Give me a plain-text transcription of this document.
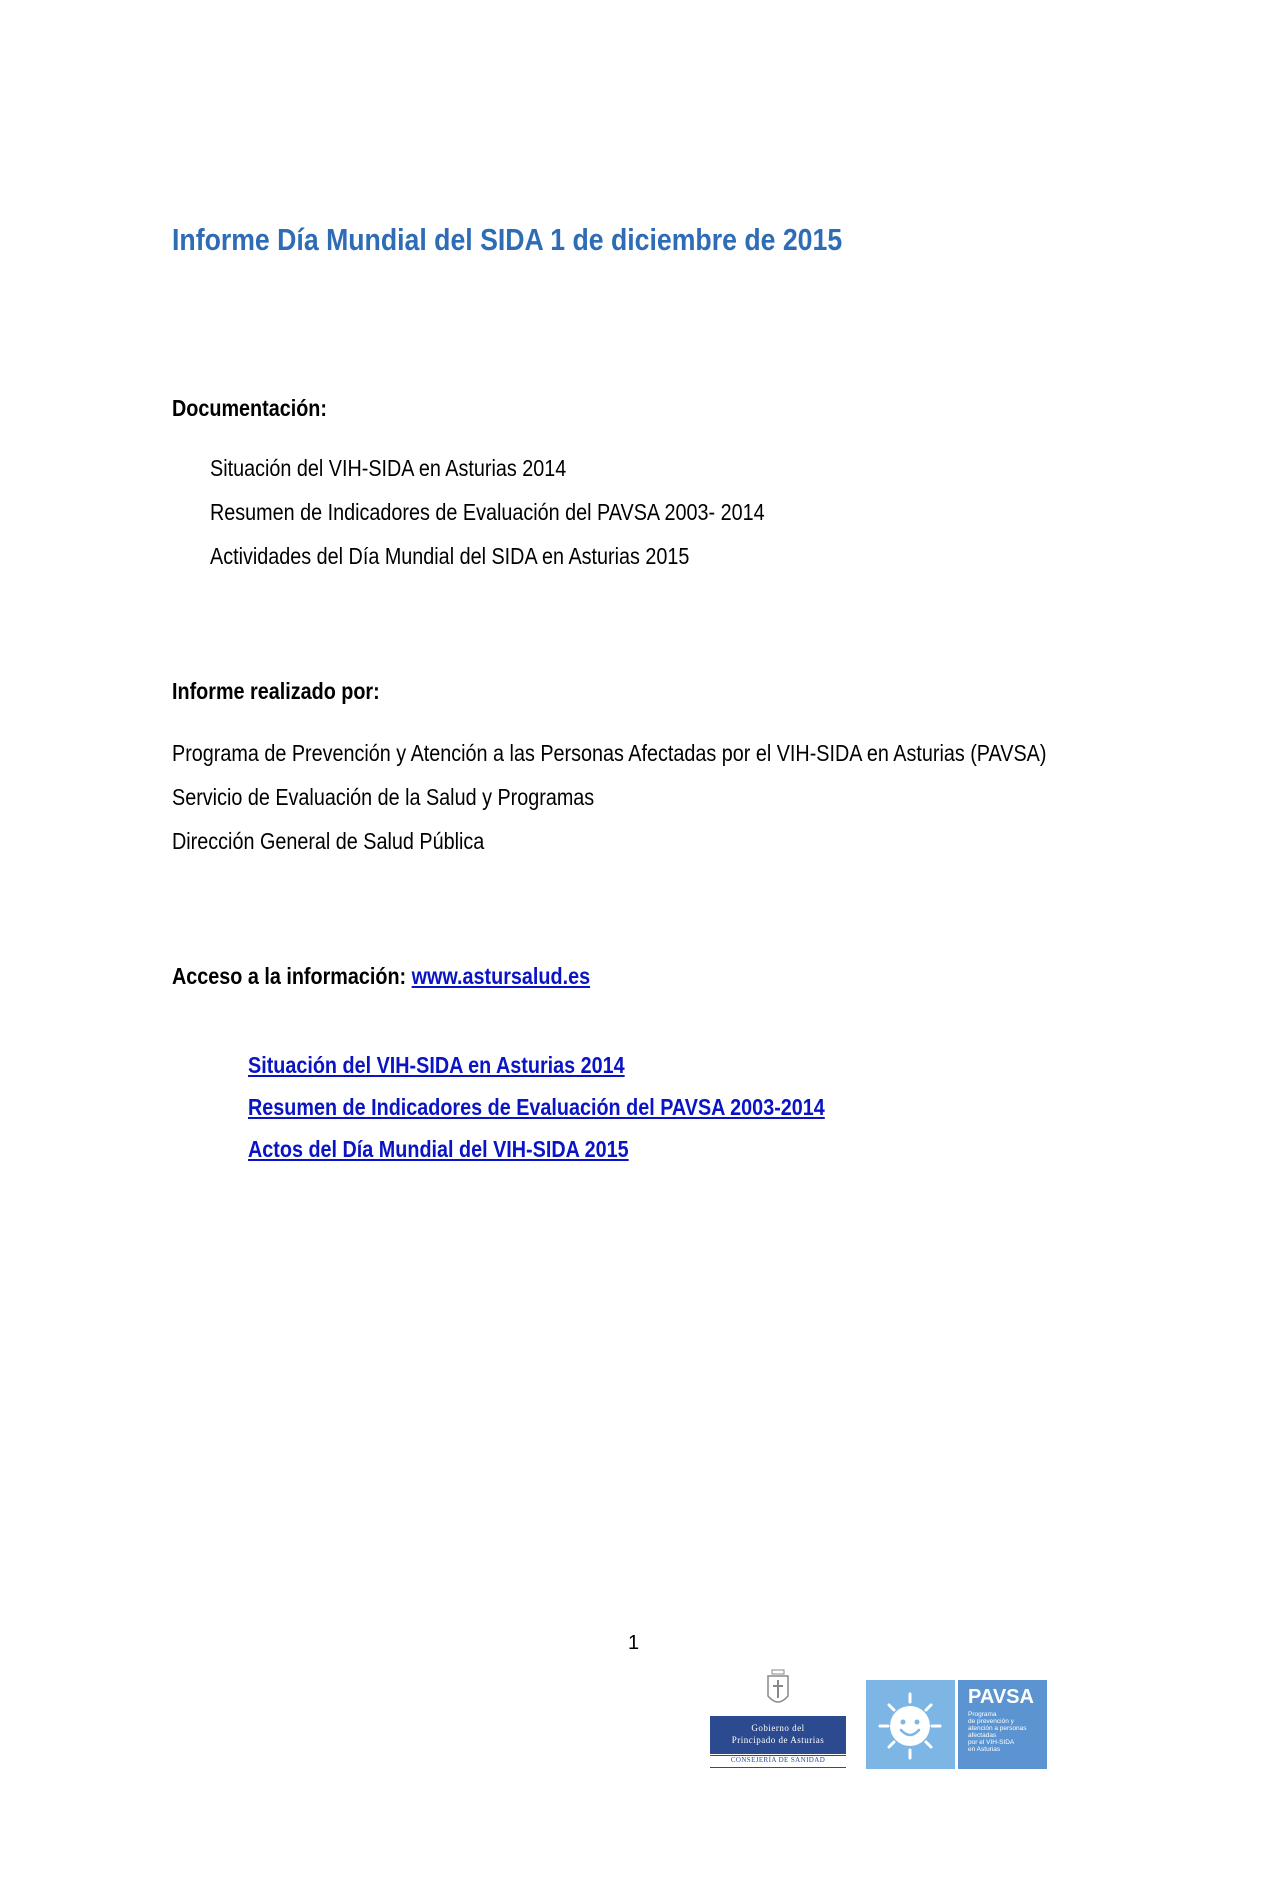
Informe Día Mundial del SIDA 1 de diciembre de 2015
Documentación:
Situación del VIH-SIDA en Asturias 2014
Resumen de Indicadores de Evaluación del PAVSA 2003- 2014
Actividades del Día Mundial del SIDA en Asturias 2015
Informe realizado por:
Programa de Prevención y Atención a las Personas Afectadas por el VIH-SIDA en Asturias (PAVSA)
Servicio de Evaluación de la Salud y Programas
Dirección General de Salud Pública
Acceso a la información: www.astursalud.es
Situación del VIH-SIDA en Asturias 2014
Resumen de Indicadores de Evaluación del PAVSA 2003-2014
Actos del Día Mundial del VIH-SIDA 2015
1
Gobierno del
Principado de Asturias
CONSEJERÍA DE SANIDAD
PAVSA
Programa
de prevención y
atención a personas
afectadas
por el VIH-SIDA
en Asturias
